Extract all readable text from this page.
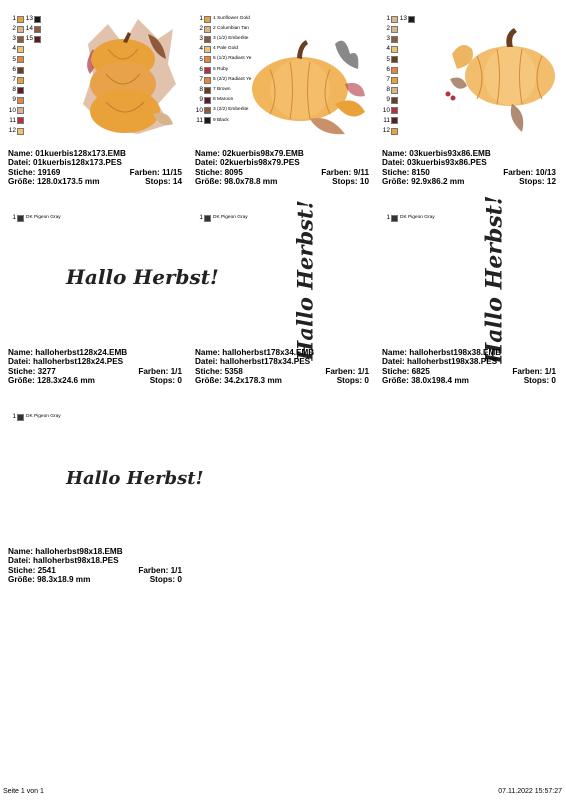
1 13
2 14
3 15
4
5
6
7
8
9
10
11
12
Name: 01kuerbis128x173.EMB
Datei: 01kuerbis128x173.PES
Stiche: 19169	Farben: 11/15
Größe: 128.0x173.5 mm	Stops: 14
1 1 Sunflower Gold
2 2 Columbian Tan
3 3 (1/2) Emberlite
4 4 Pale Gold
5 5 (1/2) Radiant Ye
6 6 Ruby
7 5 (2/2) Radiant Ye
8 7 Brown
9 8 Maroon
10 3 (2/2) Emberlite
11 9 Black
Name: 02kuerbis98x79.EMB
Datei: 02kuerbis98x79.PES
Stiche: 8095	Farben: 9/11
Größe: 98.0x78.8 mm	Stops: 10
1 13
2
3
4
5
6
7
8
9
10
11
12
Name: 03kuerbis93x86.EMB
Datei: 03kuerbis93x86.PES
Stiche: 8150	Farben: 10/13
Größe: 92.9x86.2 mm	Stops: 12
1 DK Pigeon Gray
Hallo Herbst!
Name: halloherbst128x24.EMB
Datei: halloherbst128x24.PES
Stiche: 3277	Farben: 1/1
Größe: 128.3x24.6 mm	Stops: 0
1 DK Pigeon Gray Hallo Herbst!
Name: halloherbst178x34.EMB
Datei: halloherbst178x34.PES
Stiche: 5358	Farben: 1/1
Größe: 34.2x178.3 mm	Stops: 0
1 DK Pigeon Gray Hallo Herbst!
Name: halloherbst198x38.EMB
Datei: halloherbst198x38.PES
Stiche: 6825	Farben: 1/1
Größe: 38.0x198.4 mm	Stops: 0
1 DK Pigeon Gray
Hallo Herbst!
Name: halloherbst98x18.EMB
Datei: halloherbst98x18.PES
Stiche: 2541	Farben: 1/1
Größe: 98.3x18.9 mm	Stops: 0
Seite 1 von 1	07.11.2022 15:57:27
